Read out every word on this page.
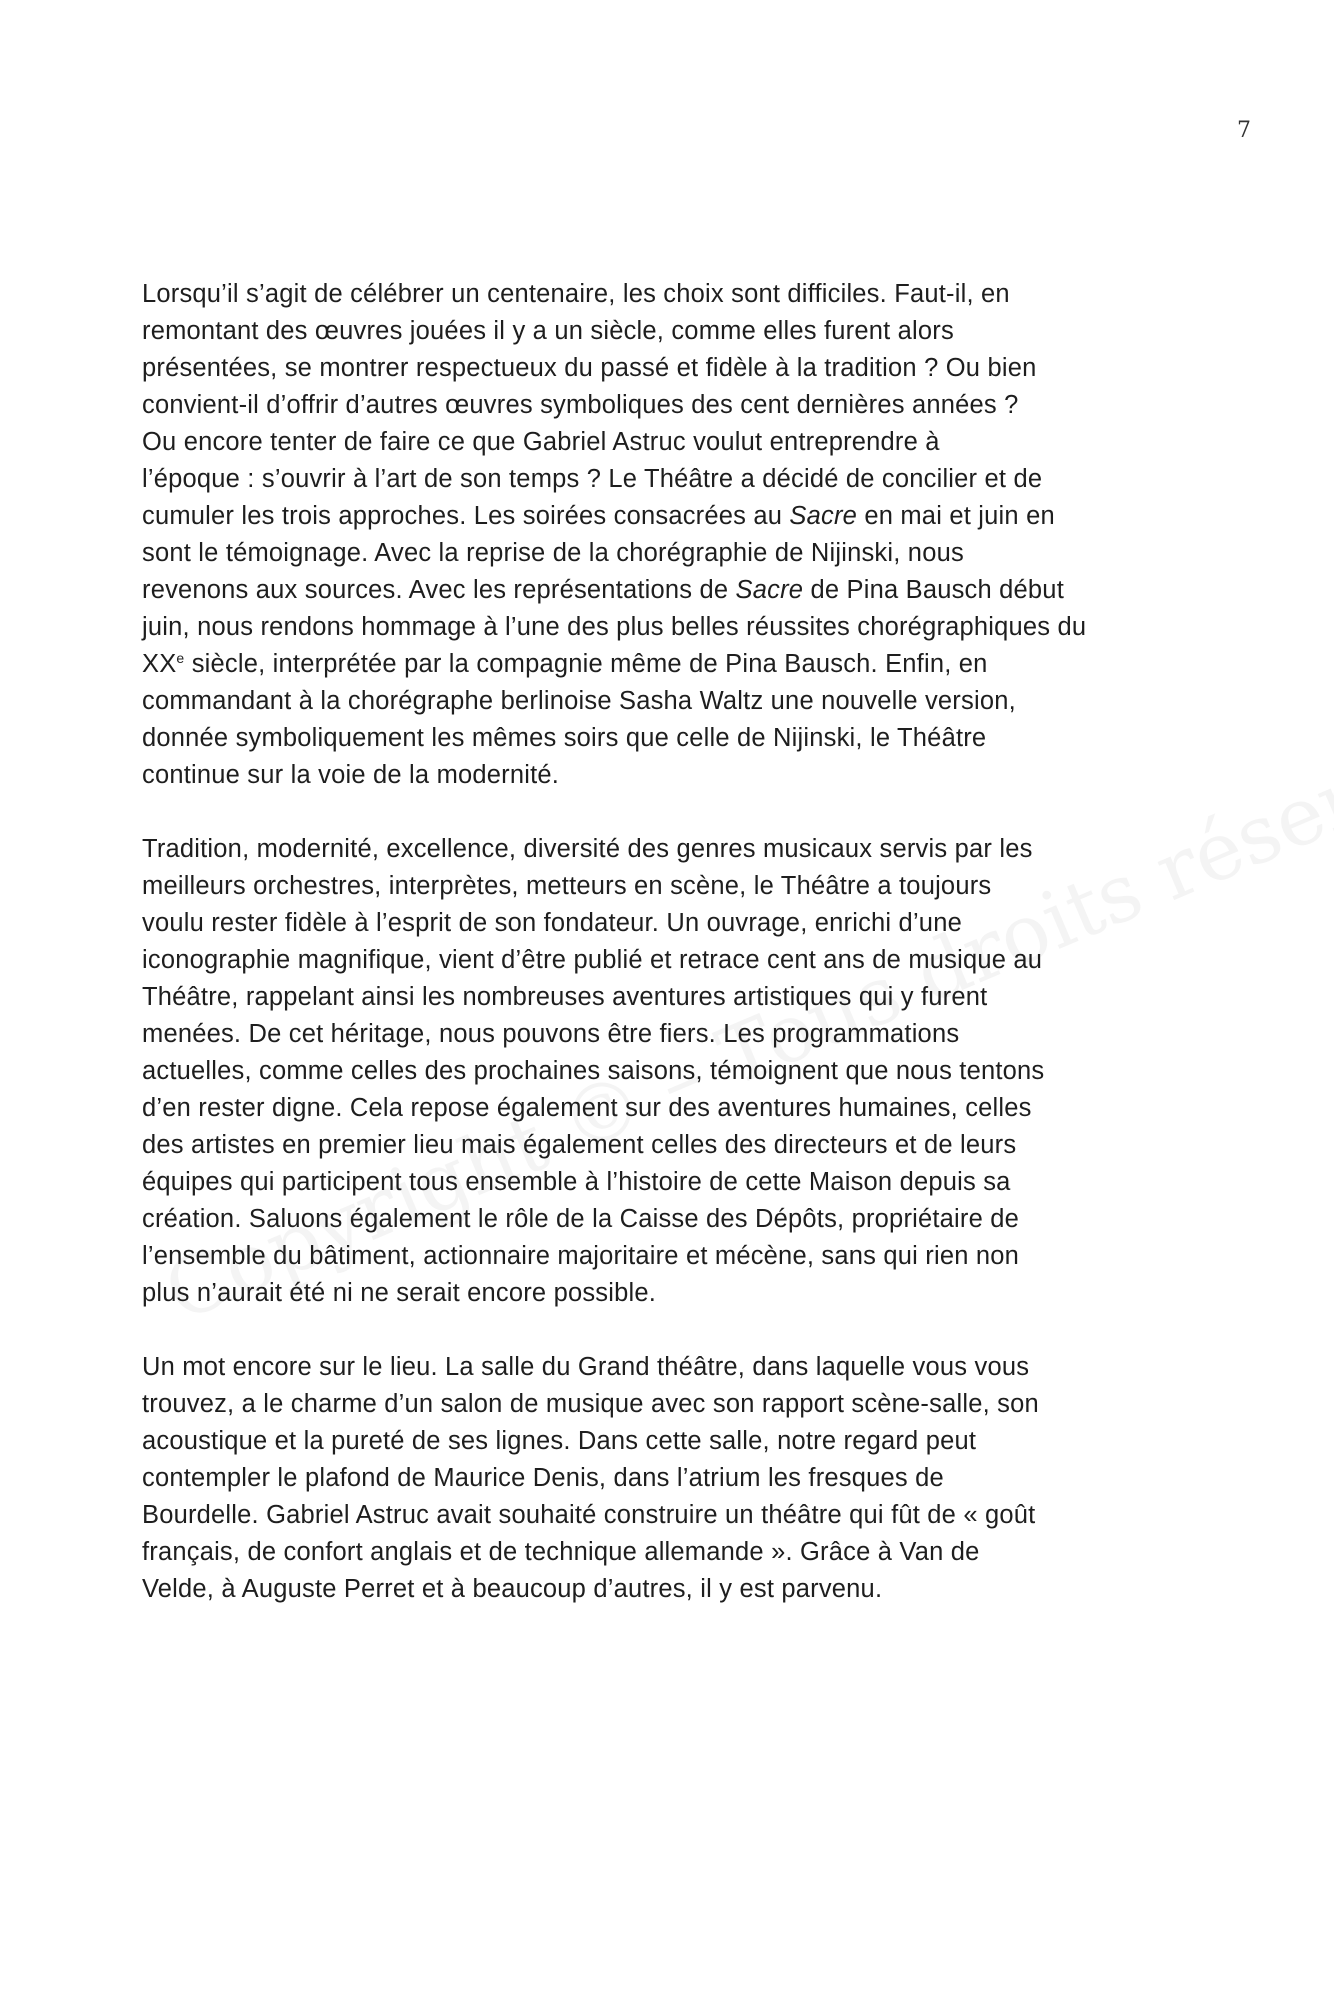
7

Lorsqu’il s’agit de célébrer un centenaire, les choix sont difficiles. Faut-il, en
remontant des œuvres jouées il y a un siècle, comme elles furent alors
présentées, se montrer respectueux du passé et fidèle à la tradition ? Ou bien
convient-il d’offrir d’autres œuvres symboliques des cent dernières années ?
Ou encore tenter de faire ce que Gabriel Astruc voulut entreprendre à
l’époque : s’ouvrir à l’art de son temps ? Le Théâtre a décidé de concilier et de
cumuler les trois approches. Les soirées consacrées au Sacre en mai et juin en
sont le témoignage. Avec la reprise de la chorégraphie de Nijinski, nous
revenons aux sources. Avec les représentations de Sacre de Pina Bausch début
juin, nous rendons hommage à l’une des plus belles réussites chorégraphiques du
XXe siècle, interprétée par la compagnie même de Pina Bausch. Enfin, en
commandant à la chorégraphe berlinoise Sasha Waltz une nouvelle version,
donnée symboliquement les mêmes soirs que celle de Nijinski, le Théâtre
continue sur la voie de la modernité.

Tradition, modernité, excellence, diversité des genres musicaux servis par les
meilleurs orchestres, interprètes, metteurs en scène, le Théâtre a toujours
voulu rester fidèle à l’esprit de son fondateur. Un ouvrage, enrichi d’une
iconographie magnifique, vient d’être publié et retrace cent ans de musique au
Théâtre, rappelant ainsi les nombreuses aventures artistiques qui y furent
menées. De cet héritage, nous pouvons être fiers. Les programmations
actuelles, comme celles des prochaines saisons, témoignent que nous tentons
d’en rester digne. Cela repose également sur des aventures humaines, celles
des artistes en premier lieu mais également celles des directeurs et de leurs
équipes qui participent tous ensemble à l’histoire de cette Maison depuis sa
création. Saluons également le rôle de la Caisse des Dépôts, propriétaire de
l’ensemble du bâtiment, actionnaire majoritaire et mécène, sans qui rien non
plus n’aurait été ni ne serait encore possible.

Un mot encore sur le lieu. La salle du Grand théâtre, dans laquelle vous vous
trouvez, a le charme d’un salon de musique avec son rapport scène-salle, son
acoustique et la pureté de ses lignes. Dans cette salle, notre regard peut
contempler le plafond de Maurice Denis, dans l’atrium les fresques de
Bourdelle. Gabriel Astruc avait souhaité construire un théâtre qui fût de « goût
français, de confort anglais et de technique allemande ». Grâce à Van de
Velde, à Auguste Perret et à beaucoup d’autres, il y est parvenu.
